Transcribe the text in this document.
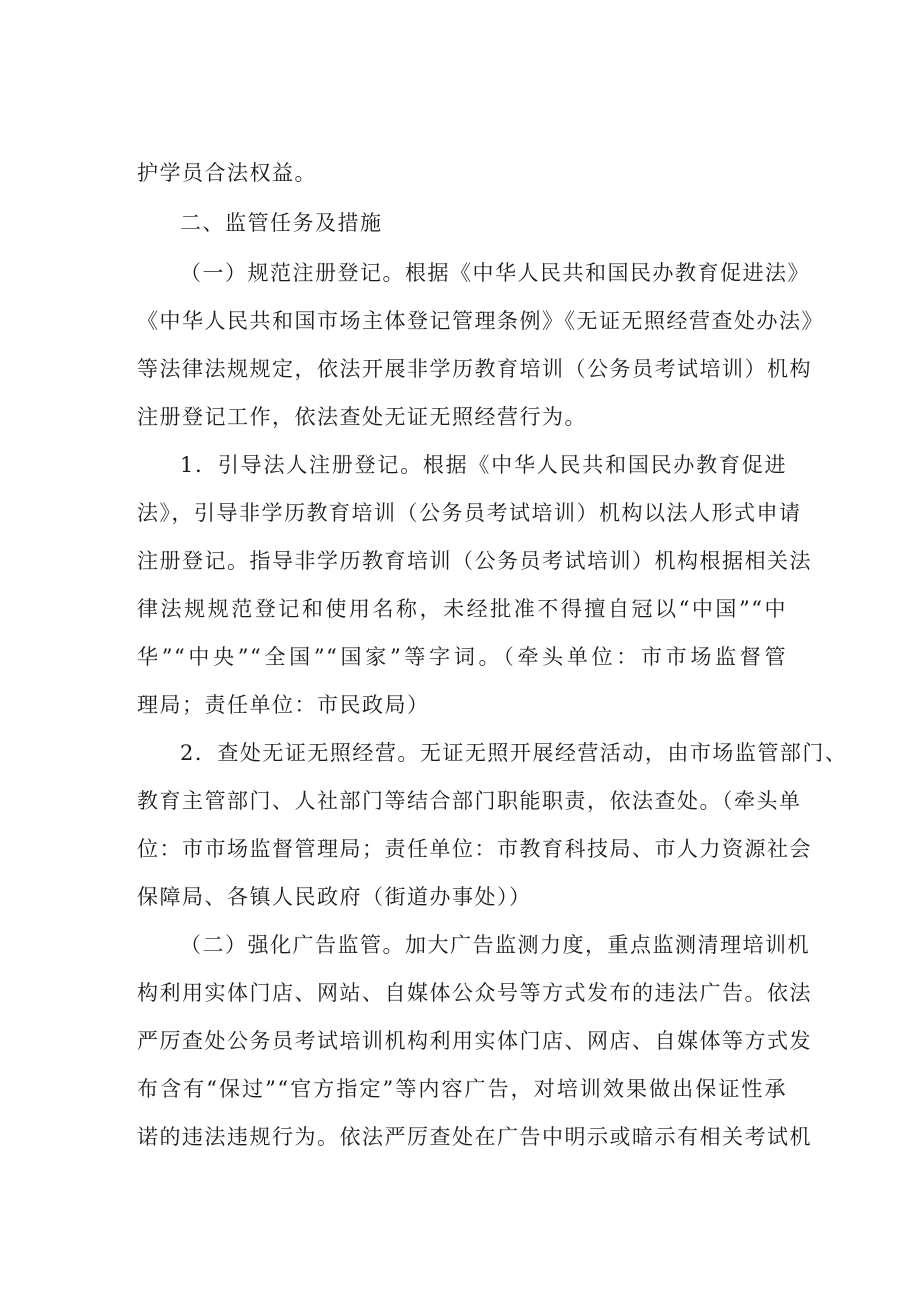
护学员合法权益。
二、监管任务及措施
（一）规范注册登记。根据《中华人民共和国民办教育促进法》
《中华人民共和国市场主体登记管理条例》《无证无照经营查处办法》
等法律法规规定，依法开展非学历教育培训（公务员考试培训）机构
注册登记工作，依法查处无证无照经营行为。
1．引导法人注册登记。根据《中华人民共和国民办教育促进
法》，引导非学历教育培训（公务员考试培训）机构以法人形式申请
注册登记。指导非学历教育培训（公务员考试培训）机构根据相关法
律法规规范登记和使用名称，未经批准不得擅自冠以“中国”“中
华”“中央”“全国”“国家”等字词。（牵头单位：市市场监督管
理局；责任单位：市民政局）
2．查处无证无照经营。无证无照开展经营活动，由市场监管部门、
教育主管部门、人社部门等结合部门职能职责，依法查处。（牵头单
位：市市场监督管理局；责任单位：市教育科技局、市人力资源社会
保障局、各镇人民政府（街道办事处））
（二）强化广告监管。加大广告监测力度，重点监测清理培训机
构利用实体门店、网站、自媒体公众号等方式发布的违法广告。依法
严厉查处公务员考试培训机构利用实体门店、网店、自媒体等方式发
布含有“保过”“官方指定”等内容广告，对培训效果做出保证性承
诺的违法违规行为。依法严厉查处在广告中明示或暗示有相关考试机
